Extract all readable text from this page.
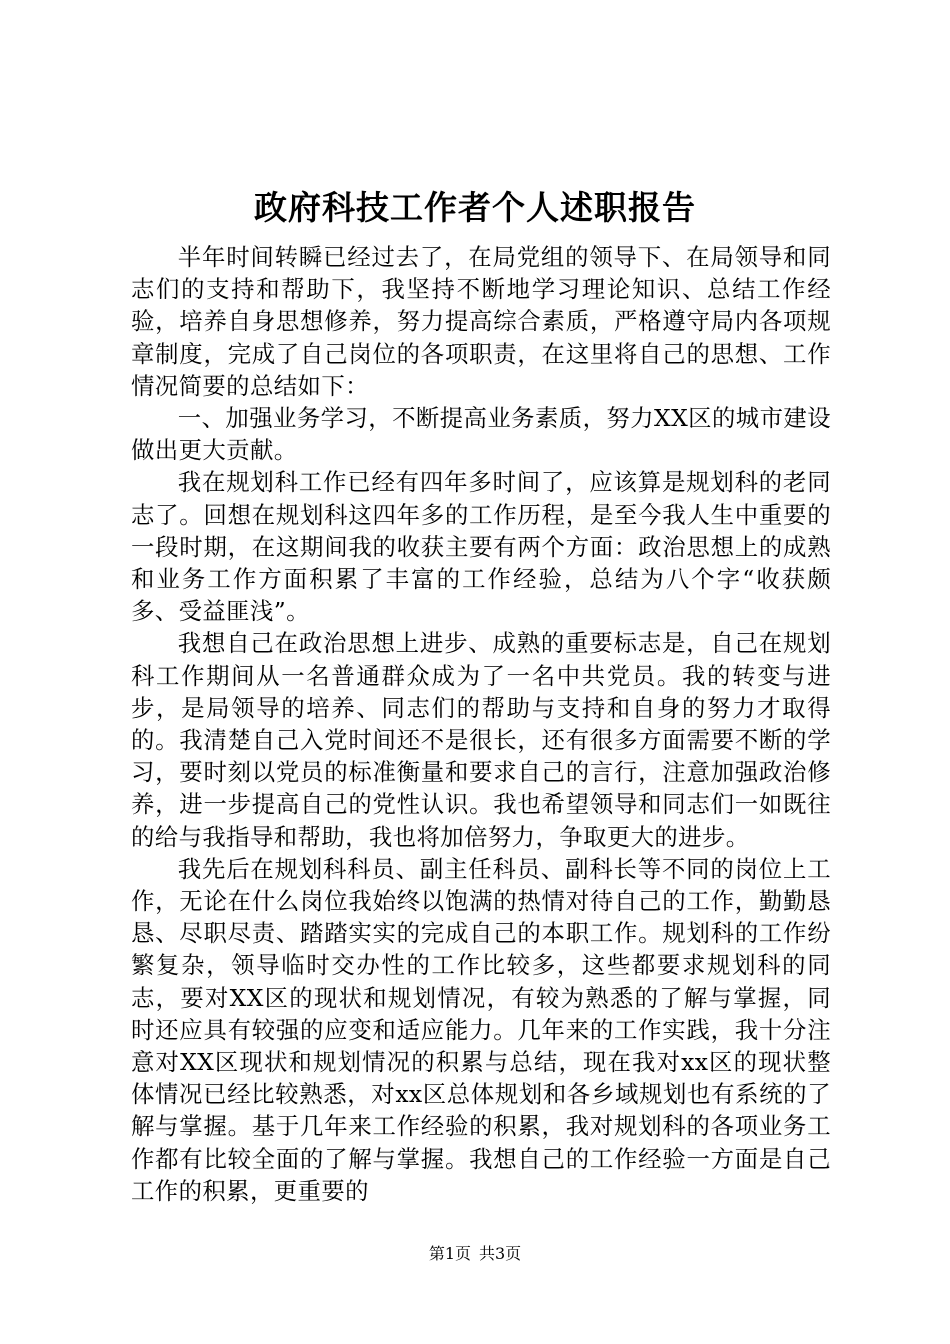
政府科技工作者个人述职报告

半年时间转瞬已经过去了，在局党组的领导下、在局领导和同志们的支持和帮助下，我坚持不断地学习理论知识、总结工作经验，培养自身思想修养，努力提高综合素质，严格遵守局内各项规章制度，完成了自己岗位的各项职责，在这里将自己的思想、工作情况简要的总结如下：

一、加强业务学习，不断提高业务素质，努力XX区的城市建设做出更大贡献。

我在规划科工作已经有四年多时间了，应该算是规划科的老同志了。回想在规划科这四年多的工作历程，是至今我人生中重要的一段时期，在这期间我的收获主要有两个方面：政治思想上的成熟和业务工作方面积累了丰富的工作经验，总结为八个字“收获颇多、受益匪浅”。

我想自己在政治思想上进步、成熟的重要标志是，自己在规划科工作期间从一名普通群众成为了一名中共党员。我的转变与进步，是局领导的培养、同志们的帮助与支持和自身的努力才取得的。我清楚自己入党时间还不是很长，还有很多方面需要不断的学习，要时刻以党员的标准衡量和要求自己的言行，注意加强政治修养，进一步提高自己的党性认识。我也希望领导和同志们一如既往的给与我指导和帮助，我也将加倍努力，争取更大的进步。

我先后在规划科科员、副主任科员、副科长等不同的岗位上工作，无论在什么岗位我始终以饱满的热情对待自己的工作，勤勤恳恳、尽职尽责、踏踏实实的完成自己的本职工作。规划科的工作纷繁复杂，领导临时交办性的工作比较多，这些都要求规划科的同志，要对XX区的现状和规划情况，有较为熟悉的了解与掌握，同时还应具有较强的应变和适应能力。几年来的工作实践，我十分注意对XX区现状和规划情况的积累与总结，现在我对xx区的现状整体情况已经比较熟悉，对xx区总体规划和各乡域规划也有系统的了解与掌握。基于几年来工作经验的积累，我对规划科的各项业务工作都有比较全面的了解与掌握。我想自己的工作经验一方面是自己工作的积累，更重要的

第1页 共3页
